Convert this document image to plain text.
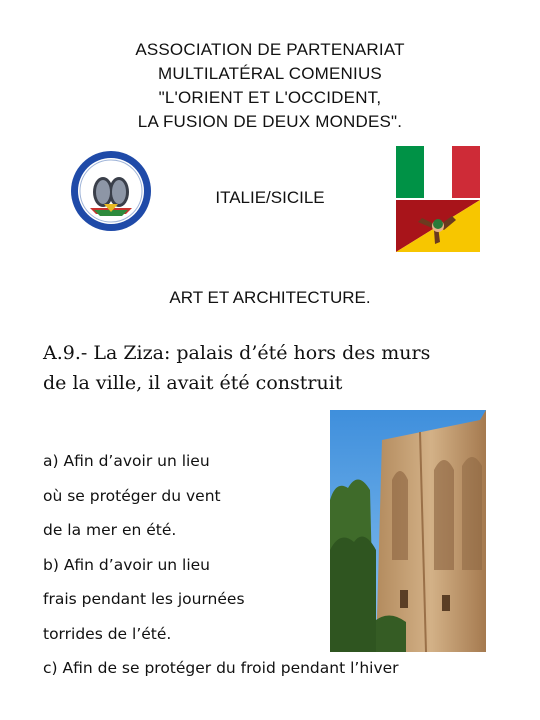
ASSOCIATION DE PARTENARIAT
MULTILATÉRAL COMENIUS
"L'ORIENT ET L'OCCIDENT,
LA FUSION DE DEUX MONDES".
ITALIE/SICILE
ART ET ARCHITECTURE.
A.9.- La Ziza: palais d’été hors des murs
de la ville, il avait été construit
a) Afin d’avoir un lieu
où se protéger du vent
de la mer en été.
b) Afin d’avoir un lieu
frais pendant les journées
torrides de l’été.
c) Afin de se protéger du froid pendant l’hiver
